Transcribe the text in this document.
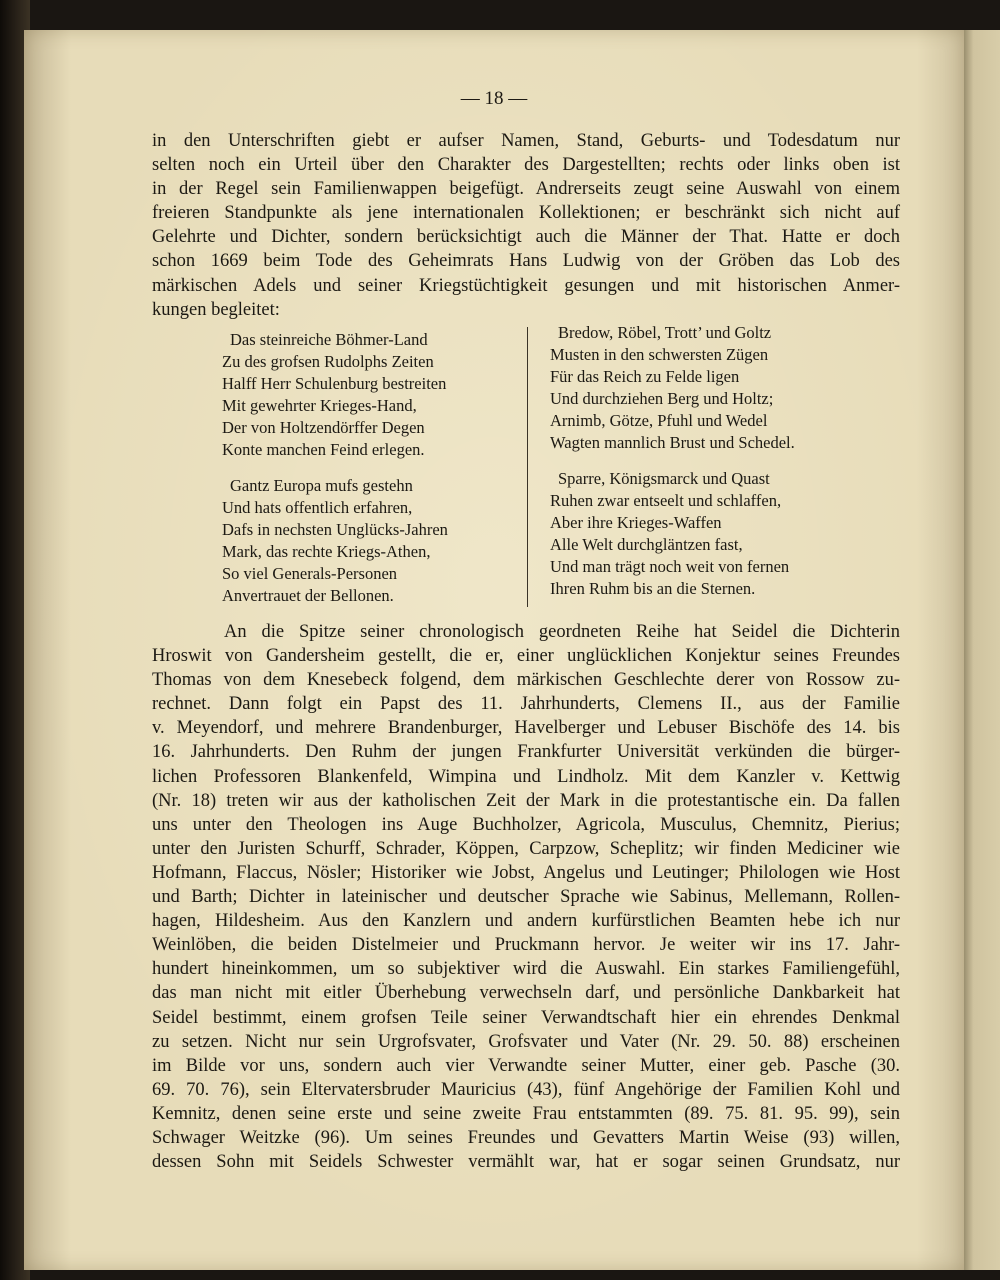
— 18 —
in den Unterschriften giebt er aufser Namen, Stand, Geburts- und Todesdatum nur
selten noch ein Urteil über den Charakter des Dargestellten; rechts oder links oben ist
in der Regel sein Familienwappen beigefügt. Andrerseits zeugt seine Auswahl von einem
freieren Standpunkte als jene internationalen Kollektionen; er beschränkt sich nicht auf
Gelehrte und Dichter, sondern berücksichtigt auch die Männer der That. Hatte er doch
schon 1669 beim Tode des Geheimrats Hans Ludwig von der Gröben das Lob des
märkischen Adels und seiner Kriegstüchtigkeit gesungen und mit historischen Anmer-
kungen begleitet:
Das steinreiche Böhmer-Land
Zu des grofsen Rudolphs Zeiten
Halff Herr Schulenburg bestreiten
Mit gewehrter Krieges-Hand,
Der von Holtzendörffer Degen
Konte manchen Feind erlegen.
Gantz Europa mufs gestehn
Und hats offentlich erfahren,
Dafs in nechsten Unglücks-Jahren
Mark, das rechte Kriegs-Athen,
So viel Generals-Personen
Anvertrauet der Bellonen.
Bredow, Röbel, Trott’ und Goltz
Musten in den schwersten Zügen
Für das Reich zu Felde ligen
Und durchziehen Berg und Holtz;
Arnimb, Götze, Pfuhl und Wedel
Wagten mannlich Brust und Schedel.
Sparre, Königsmarck und Quast
Ruhen zwar entseelt und schlaffen,
Aber ihre Krieges-Waffen
Alle Welt durchgläntzen fast,
Und man trägt noch weit von fernen
Ihren Ruhm bis an die Sternen.
An die Spitze seiner chronologisch geordneten Reihe hat Seidel die Dichterin
Hroswit von Gandersheim gestellt, die er, einer unglücklichen Konjektur seines Freundes
Thomas von dem Knesebeck folgend, dem märkischen Geschlechte derer von Rossow zu-
rechnet. Dann folgt ein Papst des 11. Jahrhunderts, Clemens II., aus der Familie
v. Meyendorf, und mehrere Brandenburger, Havelberger und Lebuser Bischöfe des 14. bis
16. Jahrhunderts. Den Ruhm der jungen Frankfurter Universität verkünden die bürger-
lichen Professoren Blankenfeld, Wimpina und Lindholz. Mit dem Kanzler v. Kettwig
(Nr. 18) treten wir aus der katholischen Zeit der Mark in die protestantische ein. Da fallen
uns unter den Theologen ins Auge Buchholzer, Agricola, Musculus, Chemnitz, Pierius;
unter den Juristen Schurff, Schrader, Köppen, Carpzow, Scheplitz; wir finden Mediciner wie
Hofmann, Flaccus, Nösler; Historiker wie Jobst, Angelus und Leutinger; Philologen wie Host
und Barth; Dichter in lateinischer und deutscher Sprache wie Sabinus, Mellemann, Rollen-
hagen, Hildesheim. Aus den Kanzlern und andern kurfürstlichen Beamten hebe ich nur
Weinlöben, die beiden Distelmeier und Pruckmann hervor. Je weiter wir ins 17. Jahr-
hundert hineinkommen, um so subjektiver wird die Auswahl. Ein starkes Familiengefühl,
das man nicht mit eitler Überhebung verwechseln darf, und persönliche Dankbarkeit hat
Seidel bestimmt, einem grofsen Teile seiner Verwandtschaft hier ein ehrendes Denkmal
zu setzen. Nicht nur sein Urgrofsvater, Grofsvater und Vater (Nr. 29. 50. 88) erscheinen
im Bilde vor uns, sondern auch vier Verwandte seiner Mutter, einer geb. Pasche (30.
69. 70. 76), sein Eltervatersbruder Mauricius (43), fünf Angehörige der Familien Kohl und
Kemnitz, denen seine erste und seine zweite Frau entstammten (89. 75. 81. 95. 99), sein
Schwager Weitzke (96). Um seines Freundes und Gevatters Martin Weise (93) willen,
dessen Sohn mit Seidels Schwester vermählt war, hat er sogar seinen Grundsatz, nur
